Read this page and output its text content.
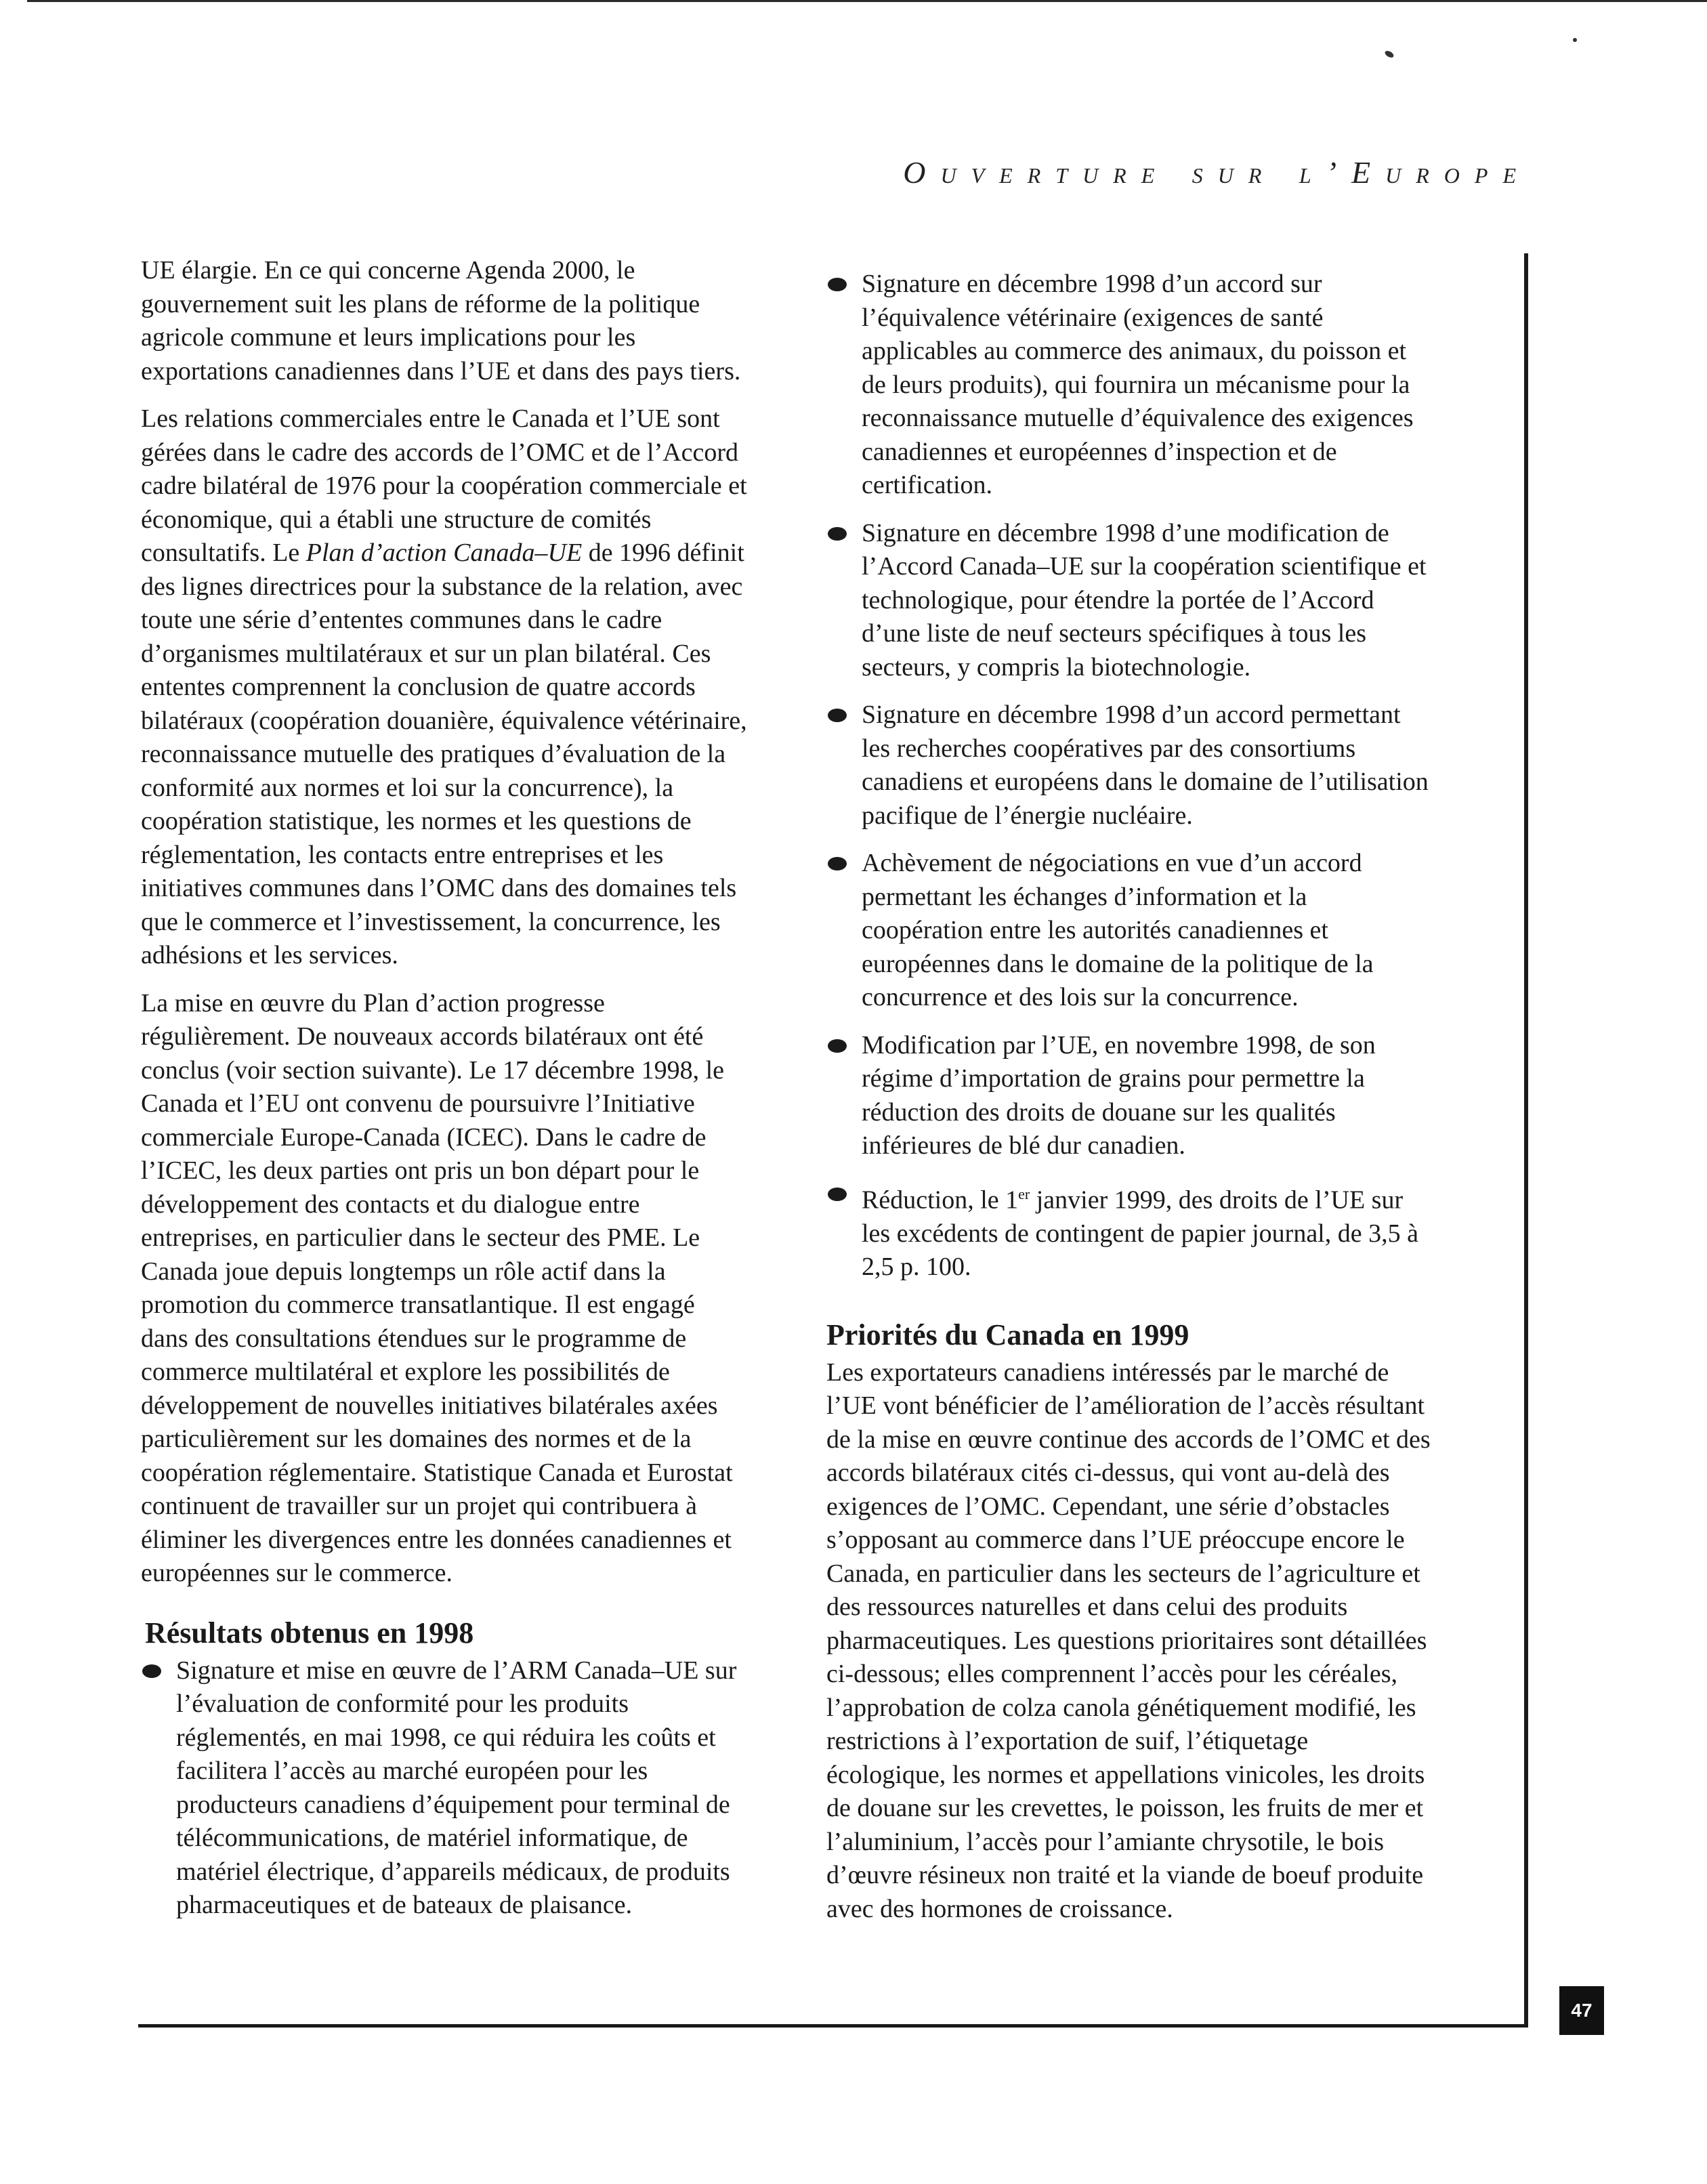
Ouverture sur l’Europe

UE élargie. En ce qui concerne Agenda 2000, le gouvernement suit les plans de réforme de la politique agricole commune et leurs implications pour les exportations canadiennes dans l’UE et dans des pays tiers.

Les relations commerciales entre le Canada et l’UE sont gérées dans le cadre des accords de l’OMC et de l’Accord cadre bilatéral de 1976 pour la coopération commerciale et économique, qui a établi une structure de comités consultatifs. Le Plan d’action Canada–UE de 1996 définit des lignes directrices pour la substance de la relation, avec toute une série d’ententes communes dans le cadre d’organismes multilatéraux et sur un plan bilatéral. Ces ententes comprennent la conclusion de quatre accords bilatéraux (coopération douanière, équivalence vétérinaire, reconnaissance mutuelle des pratiques d’évaluation de la conformité aux normes et loi sur la concurrence), la coopération statistique, les normes et les questions de réglementation, les contacts entre entreprises et les initiatives communes dans l’OMC dans des domaines tels que le commerce et l’investissement, la concurrence, les adhésions et les services.

La mise en œuvre du Plan d’action progresse régulièrement. De nouveaux accords bilatéraux ont été conclus (voir section suivante). Le 17 décembre 1998, le Canada et l’EU ont convenu de poursuivre l’Initiative commerciale Europe-Canada (ICEC). Dans le cadre de l’ICEC, les deux parties ont pris un bon départ pour le développement des contacts et du dialogue entre entreprises, en particulier dans le secteur des PME. Le Canada joue depuis longtemps un rôle actif dans la promotion du commerce transatlantique. Il est engagé dans des consultations étendues sur le programme de commerce multilatéral et explore les possibilités de développement de nouvelles initiatives bilatérales axées particulièrement sur les domaines des normes et de la coopération réglementaire. Statistique Canada et Eurostat continuent de travailler sur un projet qui contribuera à éliminer les divergences entre les données canadiennes et européennes sur le commerce.

Résultats obtenus en 1998
Signature et mise en œuvre de l’ARM Canada–UE sur l’évaluation de conformité pour les produits réglementés, en mai 1998, ce qui réduira les coûts et facilitera l’accès au marché européen pour les producteurs canadiens d’équipement pour terminal de télécommunications, de matériel informatique, de matériel électrique, d’appareils médicaux, de produits pharmaceutiques et de bateaux de plaisance.
Signature en décembre 1998 d’un accord sur l’équivalence vétérinaire (exigences de santé applicables au commerce des animaux, du poisson et de leurs produits), qui fournira un mécanisme pour la reconnaissance mutuelle d’équivalence des exigences canadiennes et européennes d’inspection et de certification.
Signature en décembre 1998 d’une modification de l’Accord Canada–UE sur la coopération scientifique et technologique, pour étendre la portée de l’Accord d’une liste de neuf secteurs spécifiques à tous les secteurs, y compris la biotechnologie.
Signature en décembre 1998 d’un accord permettant les recherches coopératives par des consortiums canadiens et européens dans le domaine de l’utilisation pacifique de l’énergie nucléaire.
Achèvement de négociations en vue d’un accord permettant les échanges d’information et la coopération entre les autorités canadiennes et européennes dans le domaine de la politique de la concurrence et des lois sur la concurrence.
Modification par l’UE, en novembre 1998, de son régime d’importation de grains pour permettre la réduction des droits de douane sur les qualités inférieures de blé dur canadien.
Réduction, le 1er janvier 1999, des droits de l’UE sur les excédents de contingent de papier journal, de 3,5 à 2,5 p. 100.
Priorités du Canada en 1999

Les exportateurs canadiens intéressés par le marché de l’UE vont bénéficier de l’amélioration de l’accès résultant de la mise en œuvre continue des accords de l’OMC et des accords bilatéraux cités ci-dessus, qui vont au-delà des exigences de l’OMC. Cependant, une série d’obstacles s’opposant au commerce dans l’UE préoccupe encore le Canada, en particulier dans les secteurs de l’agriculture et des ressources naturelles et dans celui des produits pharmaceutiques. Les questions prioritaires sont détaillées ci-dessous; elles comprennent l’accès pour les céréales, l’approbation de colza canola génétiquement modifié, les restrictions à l’exportation de suif, l’étiquetage écologique, les normes et appellations vinicoles, les droits de douane sur les crevettes, le poisson, les fruits de mer et l’aluminium, l’accès pour l’amiante chrysotile, le bois d’œuvre résineux non traité et la viande de boeuf produite avec des hormones de croissance.

47
